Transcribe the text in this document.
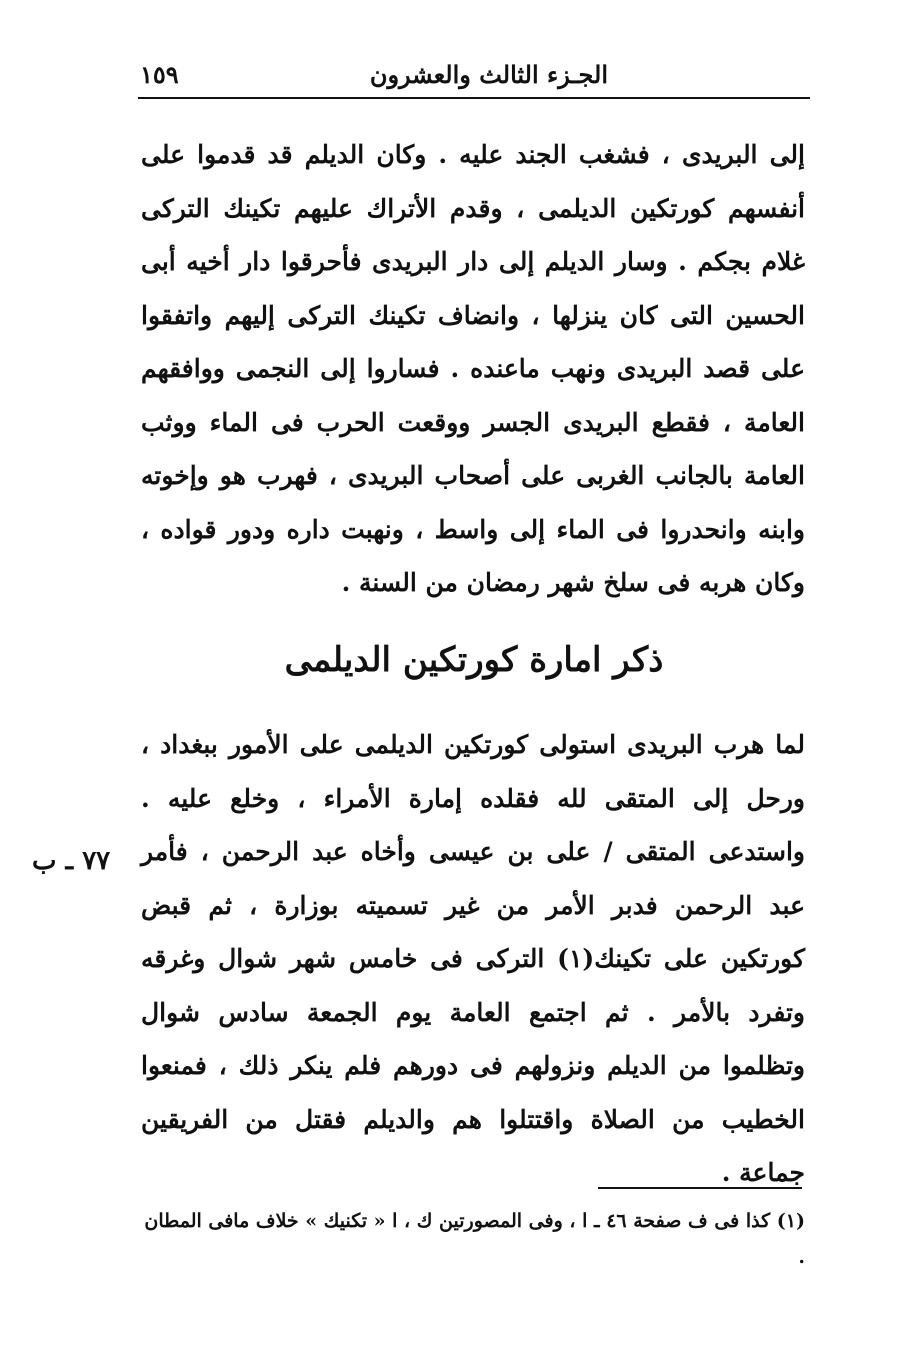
١٥٩	الجـزء الثالث والعشرون
إلى البريدى ، فشغب الجند عليه . وكان الديلم قد قدموا على أنفسهم كورتكين الديلمى ، وقدم الأتراك عليهم تكينك التركى غلام بجكم . وسار الديلم إلى دار البريدى فأحرقوا دار أخيه أبى الحسين التى كان ينزلها ، وانضاف تكينك التركى إليهم واتفقوا على قصد البريدى ونهب ماعنده . فساروا إلى النجمى ووافقهم العامة ، فقطع البريدى الجسر ووقعت الحرب فى الماء ووثب العامة بالجانب الغربى على أصحاب البريدى ، فهرب هو وإخوته وابنه وانحدروا فى الماء إلى واسط ، ونهبت داره ودور قواده ، وكان هربه فى سلخ شهر رمضان من السنة .
ذكر امارة كورتكين الديلمى
لما هرب البريدى استولى كورتكين الديلمى على الأمور ببغداد ، ورحل إلى المتقى لله فقلده إمارة الأمراء ، وخلع عليه . واستدعى المتقى / على بن عيسى وأخاه عبد الرحمن ، فأمر عبد الرحمن فدبر الأمر من غير تسميته بوزارة ، ثم قبض كورتكين على تكينك(١) التركى فى خامس شهر شوال وغرقه وتفرد بالأمر . ثم اجتمع العامة يوم الجمعة سادس شوال وتظلموا من الديلم ونزولهم فى دورهم فلم ينكر ذلك ، فمنعوا الخطيب من الصلاة واقتتلوا هم والديلم فقتل من الفريقين جماعة .
٧٧ ـ ب
(١) كذا فى ف صفحة ٤٦ ـ ا ، وفى المصورتين ك ، ا « تكنيك » خلاف مافى المطان .
